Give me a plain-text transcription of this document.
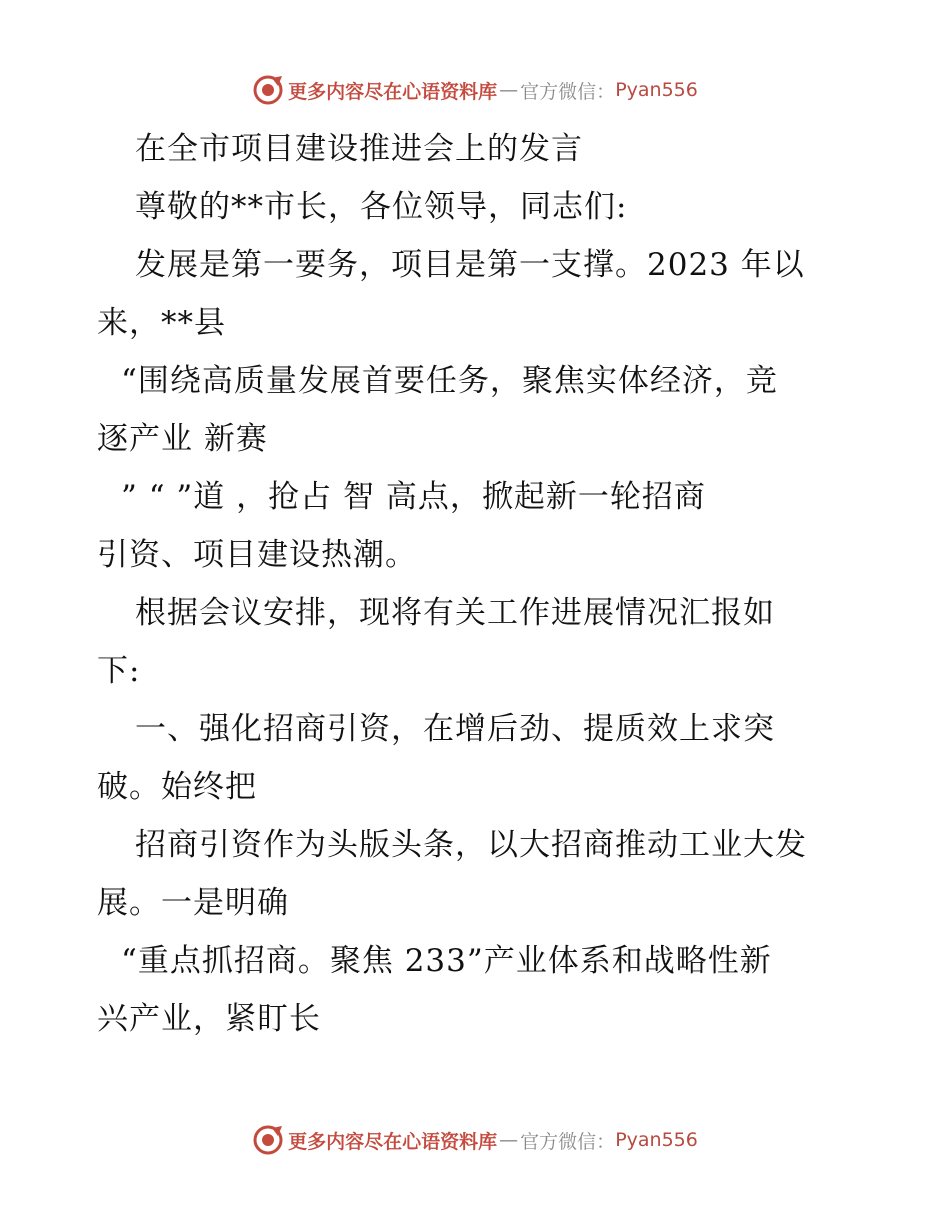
更多内容尽在心语资料库 — 官方微信： Pyan556
在全市项目建设推进会上的发言
尊敬的**市长，各位领导，同志们:
发展是第一要务，项目是第一支撑。2023 年以
来，**县
“围绕高质量发展首要任务，聚焦实体经济，竞
逐产业 新赛
” “ ”道 ，抢占 智 高点，掀起新一轮招商
引资、项目建设热潮。
根据会议安排，现将有关工作进展情况汇报如
下:
一、强化招商引资，在增后劲、提质效上求突
破。始终把
招商引资作为头版头条，以大招商推动工业大发
展。一是明确
“重点抓招商。聚焦 233”产业体系和战略性新
兴产业，紧盯长
更多内容尽在心语资料库 — 官方微信： Pyan556
